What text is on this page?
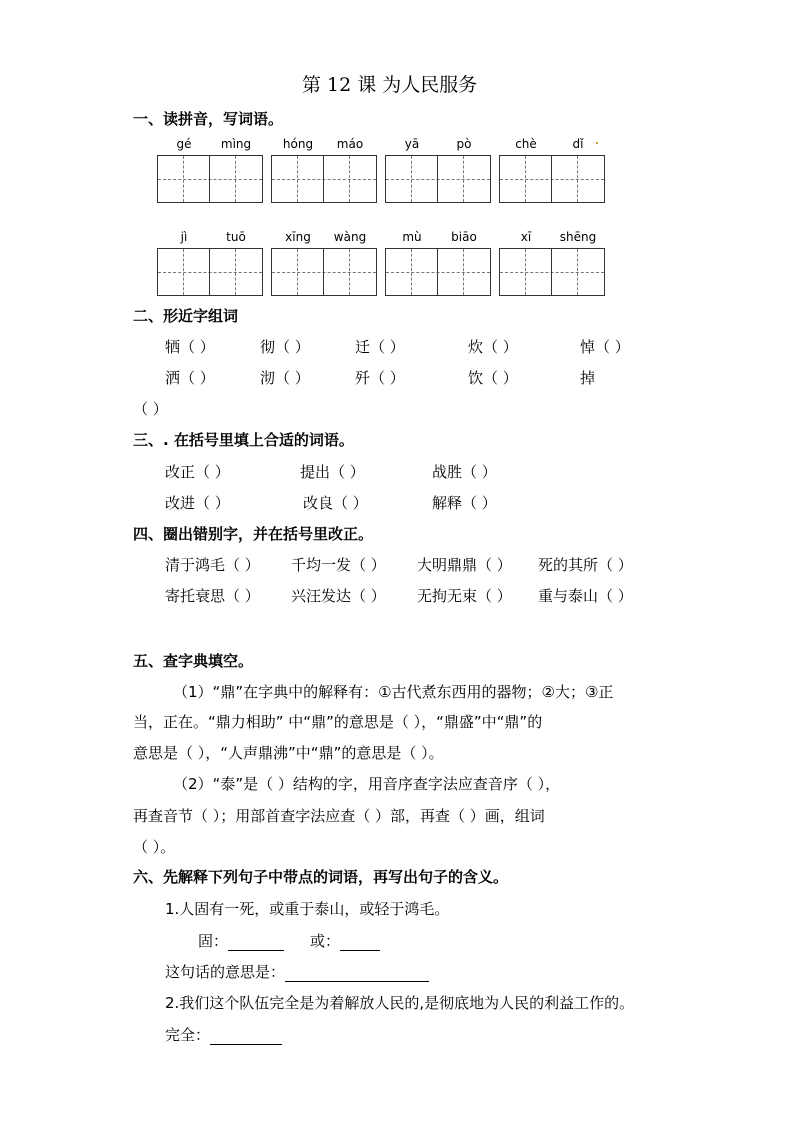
第 12 课 为人民服务
一、读拼音，写词语。
gé	mìng	hóng	máo	yā	pò	chè	dǐ
jì	tuō	xīng	wàng	mù	biāo	xī	shēng
二、形近字组词
牺（ ）	彻（ ）	迁（ ）	炊（ ）	悼（ ）
洒（ ）	沏（ ）	歼（ ）	饮（ ）	掉
（ ）
三、. 在括号里填上合适的词语。
改正（ ）	提出（ ）	战胜（ ）
改进（ ）	改良（ ）	解释（ ）
四、圈出错别字，并在括号里改正。
清于鸿毛（ ） 千均一发（ ） 大明鼎鼎（ ） 死的其所（ ）
寄托衰思（ ） 兴汪发达（ ） 无拘无束（ ） 重与泰山（ ）
五、查字典填空。
（1）“鼎”在字典中的解释有：①古代煮东西用的器物；②大；③正
当，正在。“鼎力相助” 中“鼎”的意思是（ ），“鼎盛”中“鼎”的
意思是（ ），“人声鼎沸”中“鼎”的意思是（ ）。
（2）“泰”是（ ）结构的字，用音序查字法应查音序（ ），
再查音节（ ）；用部首查字法应查（ ）部，再查（ ）画，组词
（ ）。
六、先解释下列句子中带点的词语，再写出句子的含义。
1.人固有一死，或重于泰山，或轻于鸿毛。
固：	或：
这句话的意思是：
2.我们这个队伍完全是为着解放人民的,是彻底地为人民的利益工作的。
完全：
